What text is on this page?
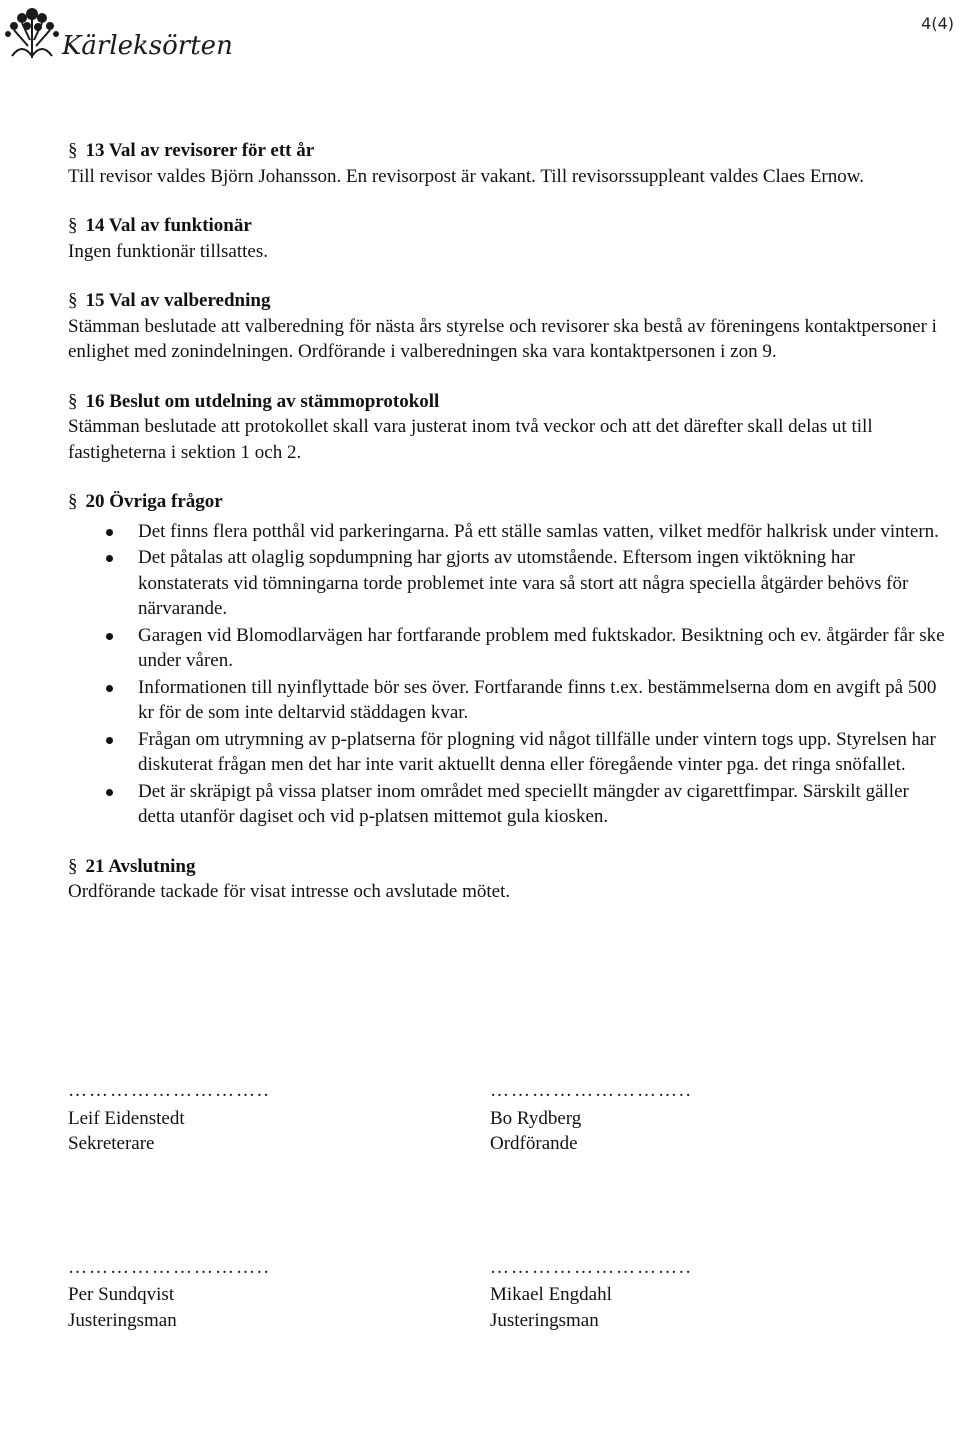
Kärleksörten
4(4)
§ 13 Val av revisorer för ett år
Till revisor valdes Björn Johansson. En revisorpost är vakant. Till revisorssuppleant valdes Claes Ernow.
§ 14 Val av funktionär
Ingen funktionär tillsattes.
§ 15 Val av valberedning
Stämman beslutade att valberedning för nästa års styrelse och revisorer ska bestå av föreningens kontaktpersoner i enlighet med zonindelningen. Ordförande i valberedningen ska vara kontaktpersonen i zon 9.
§ 16 Beslut om utdelning av stämmoprotokoll
Stämman beslutade att protokollet skall vara justerat inom två veckor och att det därefter skall delas ut till fastigheterna i sektion 1 och 2.
§ 20 Övriga frågor
Det finns flera potthål vid parkeringarna. På ett ställe samlas vatten, vilket medför halkrisk under vintern.
Det påtalas att olaglig sopdumpning har gjorts av utomstående. Eftersom ingen viktökning har konstaterats vid tömningarna torde problemet inte vara så stort att några speciella åtgärder behövs för närvarande.
Garagen vid Blomodlarvägen har fortfarande problem med fuktskador. Besiktning och ev. åtgärder får ske under våren.
Informationen till nyinflyttade bör ses över. Fortfarande finns t.ex. bestämmelserna dom en avgift på 500 kr för de som inte deltarvid städdagen kvar.
Frågan om utrymning av p-platserna för plogning vid något tillfälle under vintern togs upp. Styrelsen har diskuterat frågan men det har inte varit aktuellt denna eller föregående vinter pga. det ringa snöfallet.
Det är skräpigt på vissa platser inom området med speciellt mängder av cigarettfimpar. Särskilt gäller detta utanför dagiset och vid p-platsen mittemot gula kiosken.
§ 21 Avslutning
Ordförande tackade för visat intresse och avslutade mötet.
………………………..
Leif Eidenstedt
Sekreterare
………………………..
Bo Rydberg
Ordförande
………………………..
Per Sundqvist
Justeringsman
………………………..
Mikael Engdahl
Justeringsman
